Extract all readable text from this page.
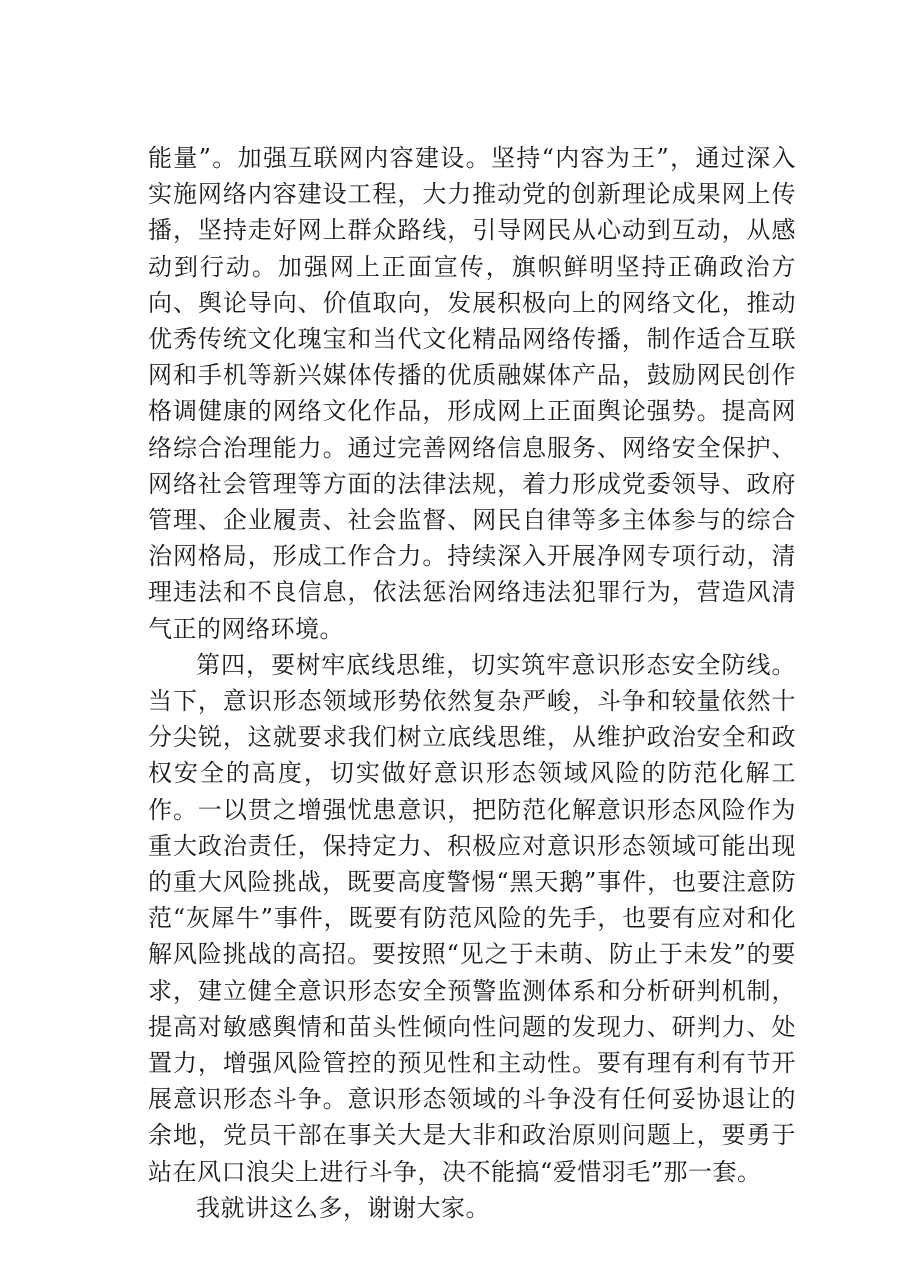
能量”。加强互联网内容建设。坚持“内容为王”，通过深入实施网络内容建设工程，大力推动党的创新理论成果网上传播，坚持走好网上群众路线，引导网民从心动到互动，从感动到行动。加强网上正面宣传，旗帜鲜明坚持正确政治方向、舆论导向、价值取向，发展积极向上的网络文化，推动优秀传统文化瑰宝和当代文化精品网络传播，制作适合互联网和手机等新兴媒体传播的优质融媒体产品，鼓励网民创作格调健康的网络文化作品，形成网上正面舆论强势。提高网络综合治理能力。通过完善网络信息服务、网络安全保护、网络社会管理等方面的法律法规，着力形成党委领导、政府管理、企业履责、社会监督、网民自律等多主体参与的综合治网格局，形成工作合力。持续深入开展净网专项行动，清理违法和不良信息，依法惩治网络违法犯罪行为，营造风清气正的网络环境。

第四，要树牢底线思维，切实筑牢意识形态安全防线。当下，意识形态领域形势依然复杂严峻，斗争和较量依然十分尖锐，这就要求我们树立底线思维，从维护政治安全和政权安全的高度，切实做好意识形态领域风险的防范化解工作。一以贯之增强忧患意识，把防范化解意识形态风险作为重大政治责任，保持定力、积极应对意识形态领域可能出现的重大风险挑战，既要高度警惕“黑天鹅”事件，也要注意防范“灰犀牛”事件，既要有防范风险的先手，也要有应对和化解风险挑战的高招。要按照“见之于未萌、防止于未发”的要求，建立健全意识形态安全预警监测体系和分析研判机制，提高对敏感舆情和苗头性倾向性问题的发现力、研判力、处置力，增强风险管控的预见性和主动性。要有理有利有节开展意识形态斗争。意识形态领域的斗争没有任何妥协退让的余地，党员干部在事关大是大非和政治原则问题上，要勇于站在风口浪尖上进行斗争，决不能搞“爱惜羽毛”那一套。

我就讲这么多，谢谢大家。
